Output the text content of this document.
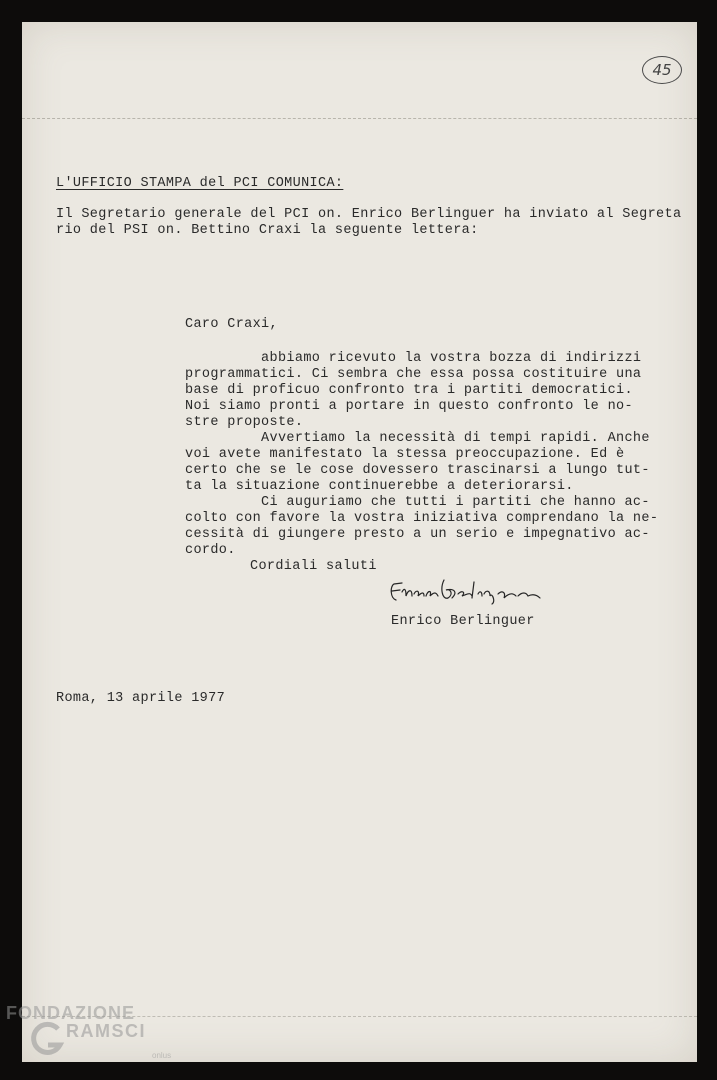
45
L'UFFICIO STAMPA del PCI COMUNICA:
Il Segretario generale del PCI on. Enrico Berlinguer ha inviato al Segreta
rio del PSI on. Bettino Craxi la seguente lettera:
Caro Craxi,
abbiamo ricevuto la vostra bozza di indirizzi
programmatici. Ci sembra che essa possa costituire una
base di proficuo confronto tra i partiti democratici.
Noi siamo pronti a portare in questo confronto le no-
stre proposte.
Avvertiamo la necessità di tempi rapidi. Anche
voi avete manifestato la stessa preoccupazione. Ed è
certo che se le cose dovessero trascinarsi a lungo tut-
ta la situazione continuerebbe a deteriorarsi.
Ci auguriamo che tutti i partiti che hanno ac-
colto con favore la vostra iniziativa comprendano la ne-
cessità di giungere presto a un serio e impegnativo ac-
cordo.
Cordiali saluti
Enrico Berlinguer
Roma, 13 aprile 1977
FONDAZIONE
RAMSCI
onlus
